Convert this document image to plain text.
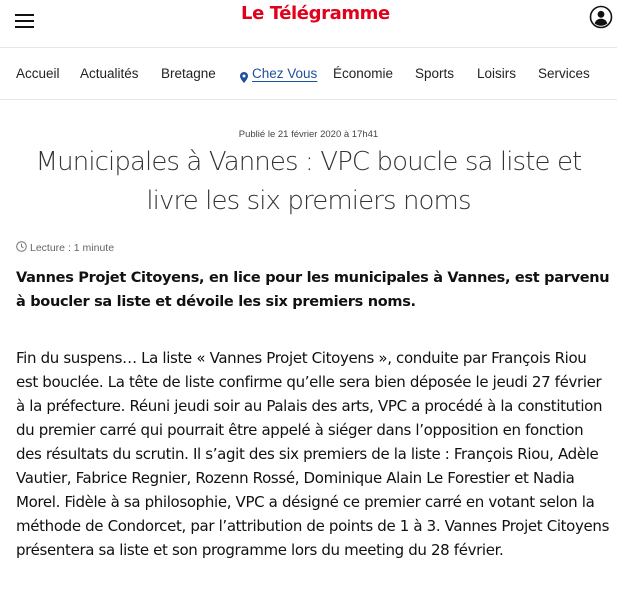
Le Télégramme
Accueil Actualités Bretagne	Chez Vous Économie Sports Loisirs Services
Publié le 21 février 2020 à 17h41
Municipales à Vannes : VPC boucle sa liste et livre les six premiers noms
Lecture : 1 minute

Vannes Projet Citoyens, en lice pour les municipales à Vannes, est parvenu à boucler sa liste et dévoile les six premiers noms.

Fin du suspens… La liste « Vannes Projet Citoyens », conduite par François Riou est bouclée. La tête de liste confirme qu’elle sera bien déposée le jeudi 27 février à la préfecture. Réuni jeudi soir au Palais des arts, VPC a procédé à la constitution du premier carré qui pourrait être appelé à siéger dans l’opposition en fonction des résultats du scrutin. Il s’agit des six premiers de la liste : François Riou, Adèle Vautier, Fabrice Regnier, Rozenn Rossé, Dominique Alain Le Forestier et Nadia Morel. Fidèle à sa philosophie, VPC a désigné ce premier carré en votant selon la méthode de Condorcet, par l’attribution de points de 1 à 3. Vannes Projet Citoyens présentera sa liste et son programme lors du meeting du 28 février.
